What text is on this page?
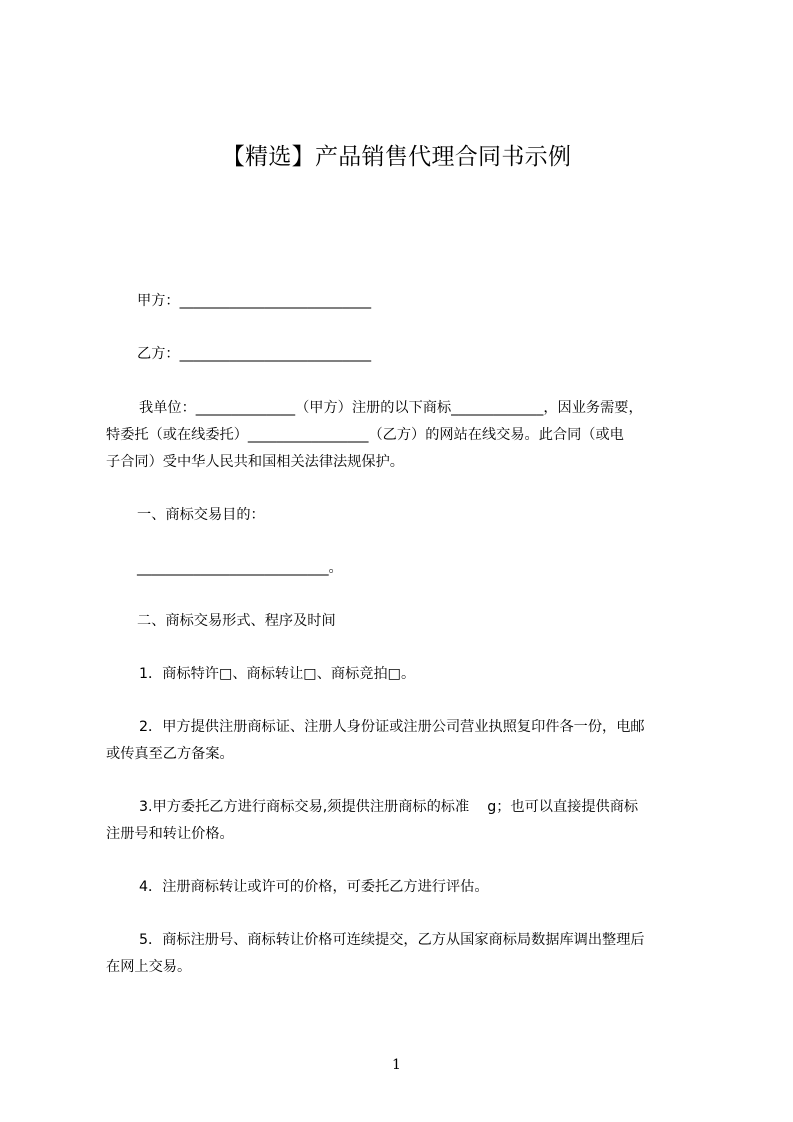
【精选】产品销售代理合同书示例
甲方：___________________________
乙方：___________________________
我单位：______________（甲方）注册的以下商标_____________，因业务需要，
特委托（或在线委托）_________________（乙方）的网站在线交易。此合同（或电
子合同）受中华人民共和国相关法律法规保护。
一、商标交易目的：
___________________________。
二、商标交易形式、程序及时间
1．商标特许□、商标转让□、商标竞拍□。
2．甲方提供注册商标证、注册人身份证或注册公司营业执照复印件各一份，电邮
或传真至乙方备案。
3.甲方委托乙方进行商标交易,须提供注册商标的标准    g；也可以直接提供商标
注册号和转让价格。
4．注册商标转让或许可的价格，可委托乙方进行评估。
5．商标注册号、商标转让价格可连续提交，乙方从国家商标局数据库调出整理后
在网上交易。
1
